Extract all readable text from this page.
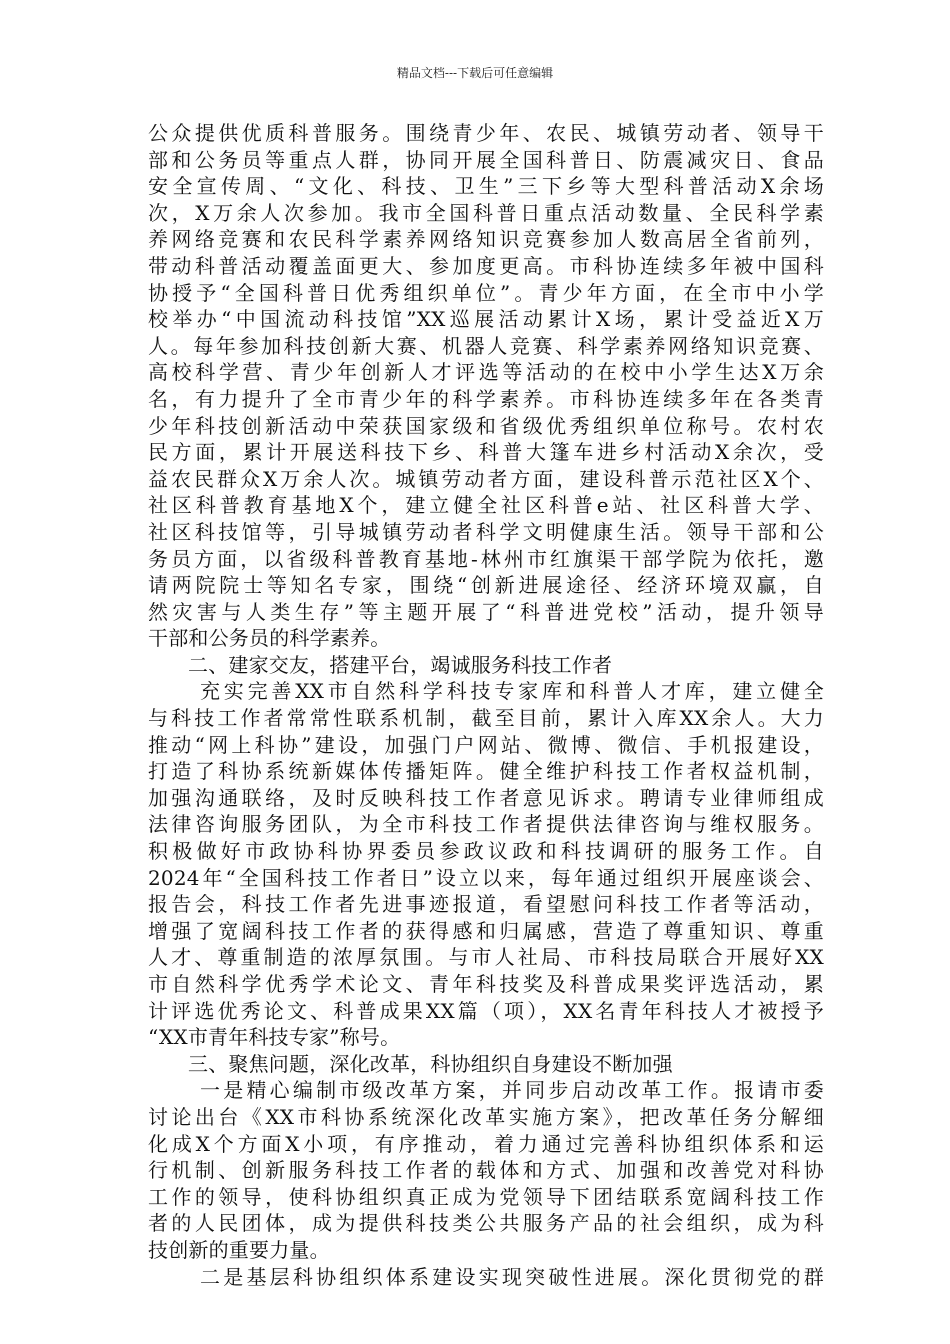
精品文档---下载后可任意编辑
公众提供优质科普服务。围绕青少年、农民、城镇劳动者、领导干
部和公务员等重点人群，协同开展全国科普日、防震减灾日、食品
安全宣传周、“文化、科技、卫生”三下乡等大型科普活动X余场
次，X万余人次参加。我市全国科普日重点活动数量、全民科学素
养网络竞赛和农民科学素养网络知识竞赛参加人数高居全省前列，
带动科普活动覆盖面更大、参加度更高。市科协连续多年被中国科
协授予“全国科普日优秀组织单位”。青少年方面，在全市中小学
校举办“中国流动科技馆”XX巡展活动累计X场，累计受益近X万
人。每年参加科技创新大赛、机器人竞赛、科学素养网络知识竞赛、
高校科学营、青少年创新人才评选等活动的在校中小学生达X万余
名，有力提升了全市青少年的科学素养。市科协连续多年在各类青
少年科技创新活动中荣获国家级和省级优秀组织单位称号。农村农
民方面，累计开展送科技下乡、科普大篷车进乡村活动X余次，受
益农民群众X万余人次。城镇劳动者方面，建设科普示范社区X个、
社区科普教育基地X个，建立健全社区科普e站、社区科普大学、
社区科技馆等，引导城镇劳动者科学文明健康生活。领导干部和公
务员方面，以省级科普教育基地-林州市红旗渠干部学院为依托，邀
请两院院士等知名专家，围绕“创新进展途径、经济环境双赢，自
然灾害与人类生存”等主题开展了“科普进党校”活动，提升领导
干部和公务员的科学素养。
二、建家交友，搭建平台，竭诚服务科技工作者
充实完善XX市自然科学科技专家库和科普人才库，建立健全
与科技工作者常常性联系机制，截至目前，累计入库XX余人。大力
推动“网上科协”建设，加强门户网站、微博、微信、手机报建设，
打造了科协系统新媒体传播矩阵。健全维护科技工作者权益机制，
加强沟通联络，及时反映科技工作者意见诉求。聘请专业律师组成
法律咨询服务团队，为全市科技工作者提供法律咨询与维权服务。
积极做好市政协科协界委员参政议政和科技调研的服务工作。自
2024年“全国科技工作者日”设立以来，每年通过组织开展座谈会、
报告会，科技工作者先进事迹报道，看望慰问科技工作者等活动，
增强了宽阔科技工作者的获得感和归属感，营造了尊重知识、尊重
人才、尊重制造的浓厚氛围。与市人社局、市科技局联合开展好XX
市自然科学优秀学术论文、青年科技奖及科普成果奖评选活动，累
计评选优秀论文、科普成果XX篇（项），XX名青年科技人才被授予
“XX市青年科技专家”称号。
三、聚焦问题，深化改革，科协组织自身建设不断加强
一是精心编制市级改革方案，并同步启动改革工作。报请市委
讨论出台《XX市科协系统深化改革实施方案》，把改革任务分解细
化成X个方面X小项，有序推动，着力通过完善科协组织体系和运
行机制、创新服务科技工作者的载体和方式、加强和改善党对科协
工作的领导，使科协组织真正成为党领导下团结联系宽阔科技工作
者的人民团体，成为提供科技类公共服务产品的社会组织，成为科
技创新的重要力量。
二是基层科协组织体系建设实现突破性进展。深化贯彻党的群
